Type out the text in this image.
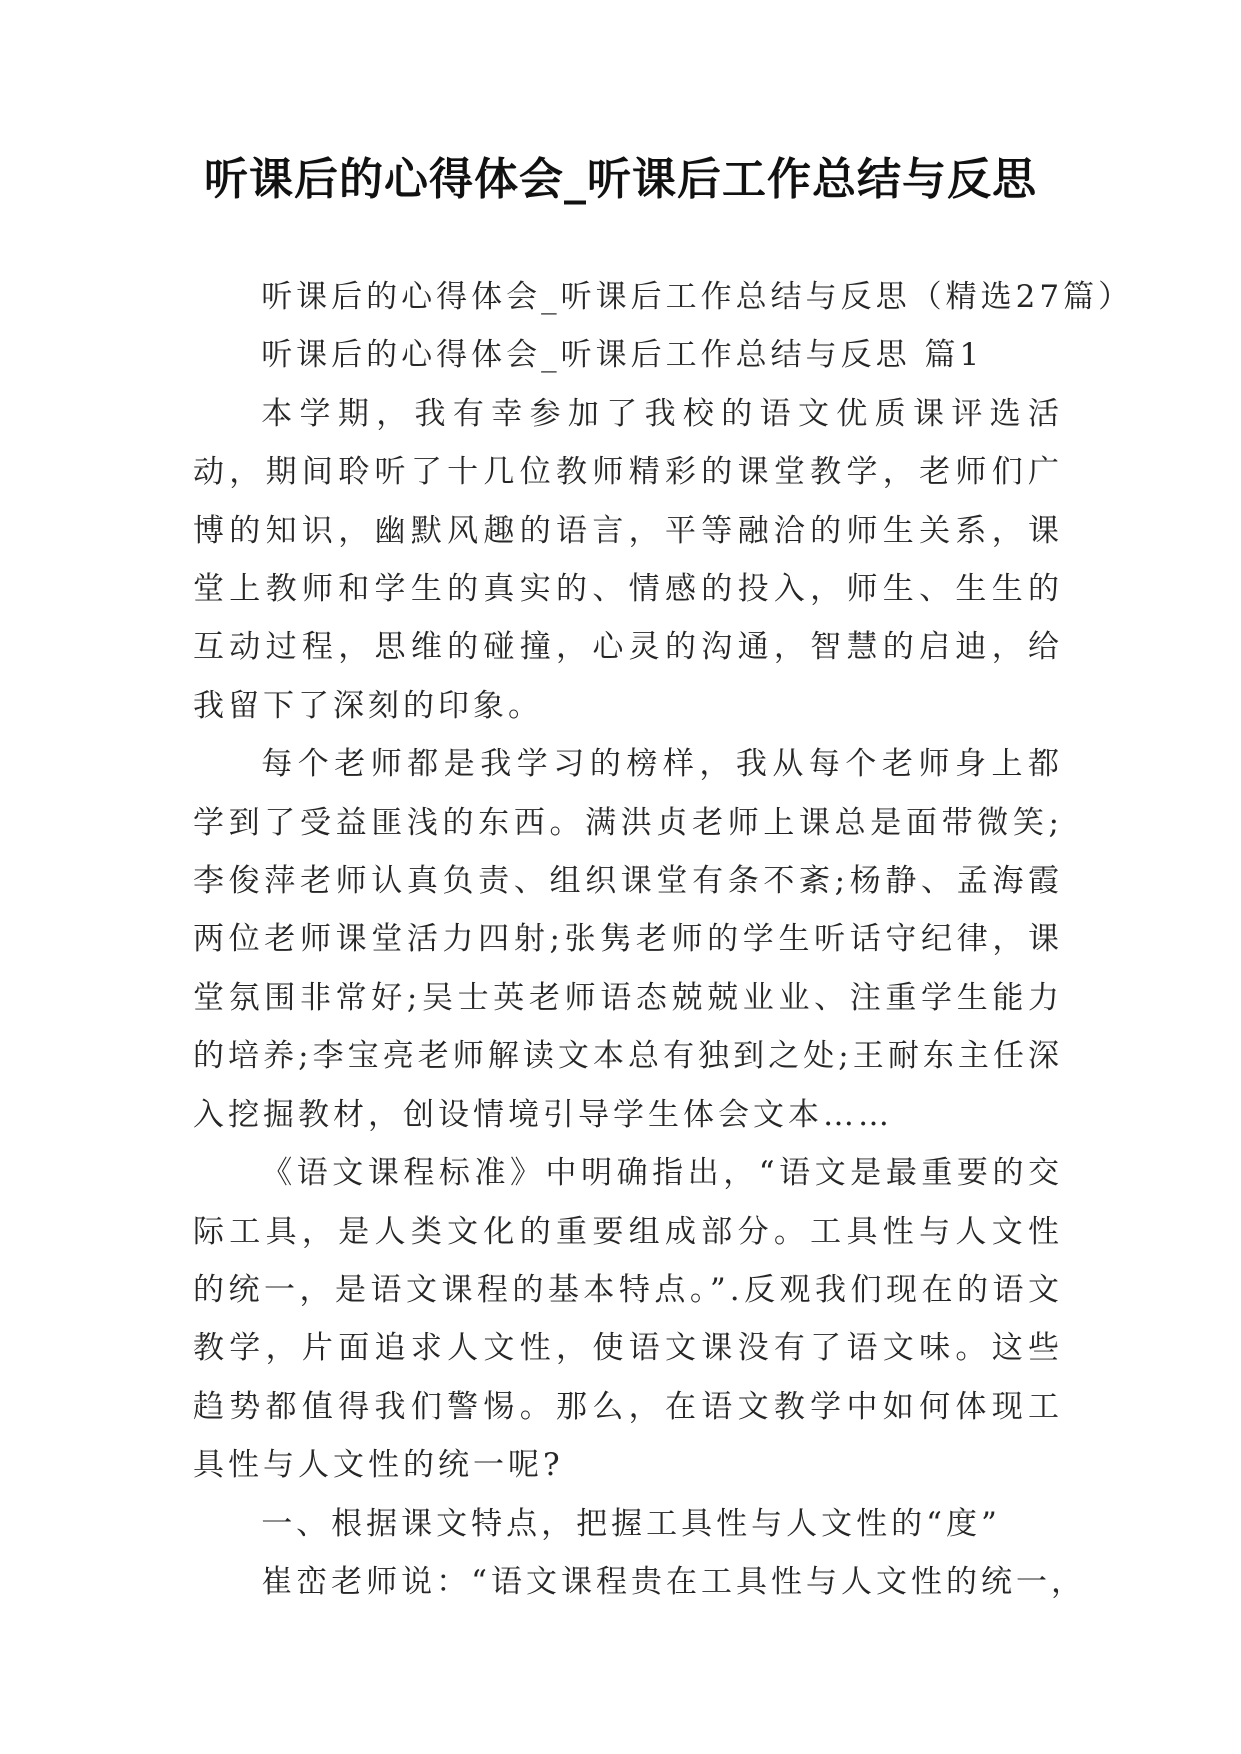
听课后的心得体会_听课后工作总结与反思

听课后的心得体会_听课后工作总结与反思（精选27篇）

听课后的心得体会_听课后工作总结与反思 篇1

本学期，我有幸参加了我校的语文优质课评选活动，期间聆听了十几位教师精彩的课堂教学，老师们广博的知识，幽默风趣的语言，平等融洽的师生关系，课堂上教师和学生的真实的、情感的投入，师生、生生的互动过程，思维的碰撞，心灵的沟通，智慧的启迪，给我留下了深刻的印象。

每个老师都是我学习的榜样，我从每个老师身上都学到了受益匪浅的东西。满洪贞老师上课总是面带微笑;李俊萍老师认真负责、组织课堂有条不紊;杨静、孟海霞两位老师课堂活力四射;张隽老师的学生听话守纪律，课堂氛围非常好;吴士英老师语态兢兢业业、注重学生能力的培养;李宝亮老师解读文本总有独到之处;王耐东主任深入挖掘教材，创设情境引导学生体会文本……

《语文课程标准》中明确指出，“语文是最重要的交际工具，是人类文化的重要组成部分。工具性与人文性的统一，是语文课程的基本特点。”.反观我们现在的语文教学，片面追求人文性，使语文课没有了语文味。这些趋势都值得我们警惕。那么，在语文教学中如何体现工具性与人文性的统一呢?

一、根据课文特点，把握工具性与人文性的“度”

崔峦老师说：“语文课程贵在工具性与人文性的统一，
